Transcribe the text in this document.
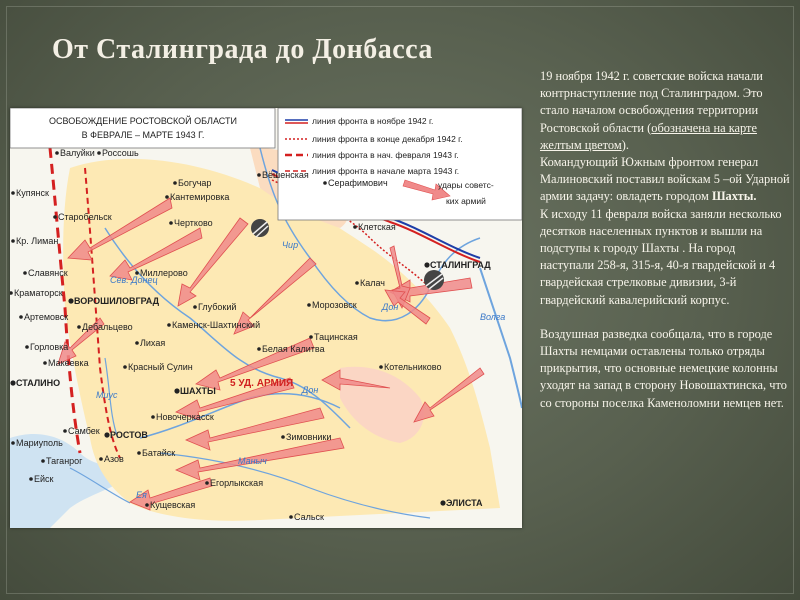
От Сталинграда до Донбасса
ОСВОБОЖДЕНИЕ РОСТОВСКОЙ ОБЛАСТИ
В ФЕВРАЛЕ – МАРТЕ 1943 Г.
линия фронта в ноябре 1942 г.
линия фронта в конце декабря 1942 г.
линия фронта в нач. февраля 1943 г.
линия фронта в начале марта 1943 г.
удары советс-
ких армий
5 УД. АРМИЯ
Сев. Донец
Дон
Дон
Чир
Волга
Миус
Маныч
Ея
Валуйки Россошь
Купянск
Старобельск
Кр. Лиман
Славянск
Краматорск
ВОРОШИЛОВГРАД
Артемовск
Дебальцево
Горловка
Макеевка
СТАЛИНО
Мариуполь
Таганрог
Самбек
Ейск
Азов
РОСТОВ
Батайск
Новочеркасск
ШАХТЫ
Красный Сулин
Лихая
Каменск-Шахтинский
Глубокий
Миллерово
Чертково
Кантемировка
Богучар
Вёшенская
Серафимович
Клетская
СТАЛИНГРАД
Калач
Морозовск
Тацинская
Белая Калитва
Котельниково
Зимовники
Егорлыкская
Кущевская
Сальск
ЭЛИСТА

19 ноября 1942 г. советские войска начали контрнаступление под Сталинградом. Это стало началом освобождения территории Ростовской области (обозначена на карте желтым цветом).

Командующий Южным фронтом генерал Малиновский поставил войскам 5 –ой Ударной армии задачу: овладеть городом Шахты.

К исходу 11 февраля войска заняли несколько десятков населенных пунктов и вышли на подступы к городу Шахты . На город наступали 258-я, 315-я, 40-я гвардейской и 4 гвардейская стрелковые дивизии, 3-й гвардейский кавалерийский корпус.

Воздушная разведка сообщала, что в городе Шахты немцами оставлены только отряды прикрытия, что основные немецкие колонны уходят на запад в сторону Новошахтинска, что со стороны поселка Каменоломни немцев нет.
